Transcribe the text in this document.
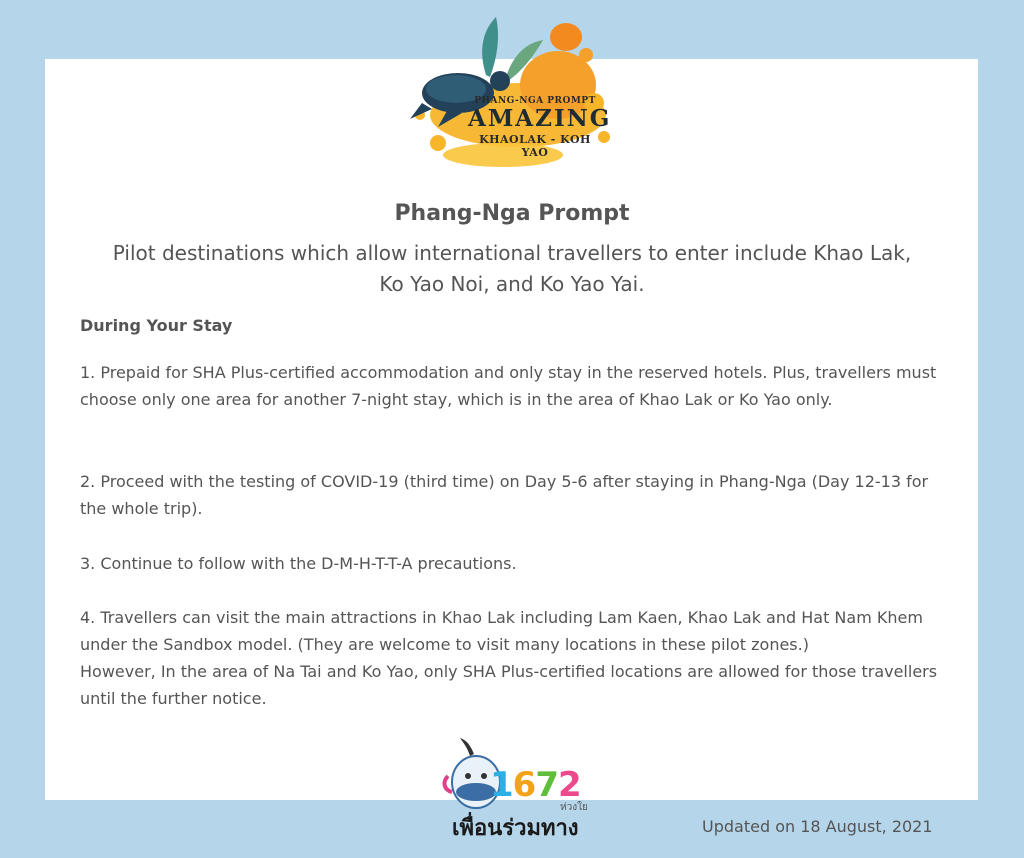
PHANG-NGA PROMPT
AMAZING
KHAOLAK - KOH YAO
Phang-Nga Prompt
Pilot destinations which allow international travellers to enter include Khao Lak,
Ko Yao Noi, and Ko Yao Yai.
During Your Stay
1. Prepaid for SHA Plus-certified accommodation and only stay in the reserved hotels. Plus, travellers must choose only one area for another 7-night stay, which is in the area of Khao Lak or Ko Yao only.
2. Proceed with the testing of COVID-19 (third time) on Day 5-6 after staying in Phang-Nga (Day 12-13 for the whole trip).
3. Continue to follow with the D-M-H-T-T-A precautions.
4. Travellers can visit the main attractions in Khao Lak including Lam Kaen, Khao Lak and Hat Nam Khem under the Sandbox model. (They are welcome to visit many locations in these pilot zones.)
However, In the area of Na Tai and Ko Yao, only SHA Plus-certified locations are allowed for those travellers until the further notice.
1672
ห่วงใย
เพื่อนร่วมทาง	Updated on 18 August, 2021
